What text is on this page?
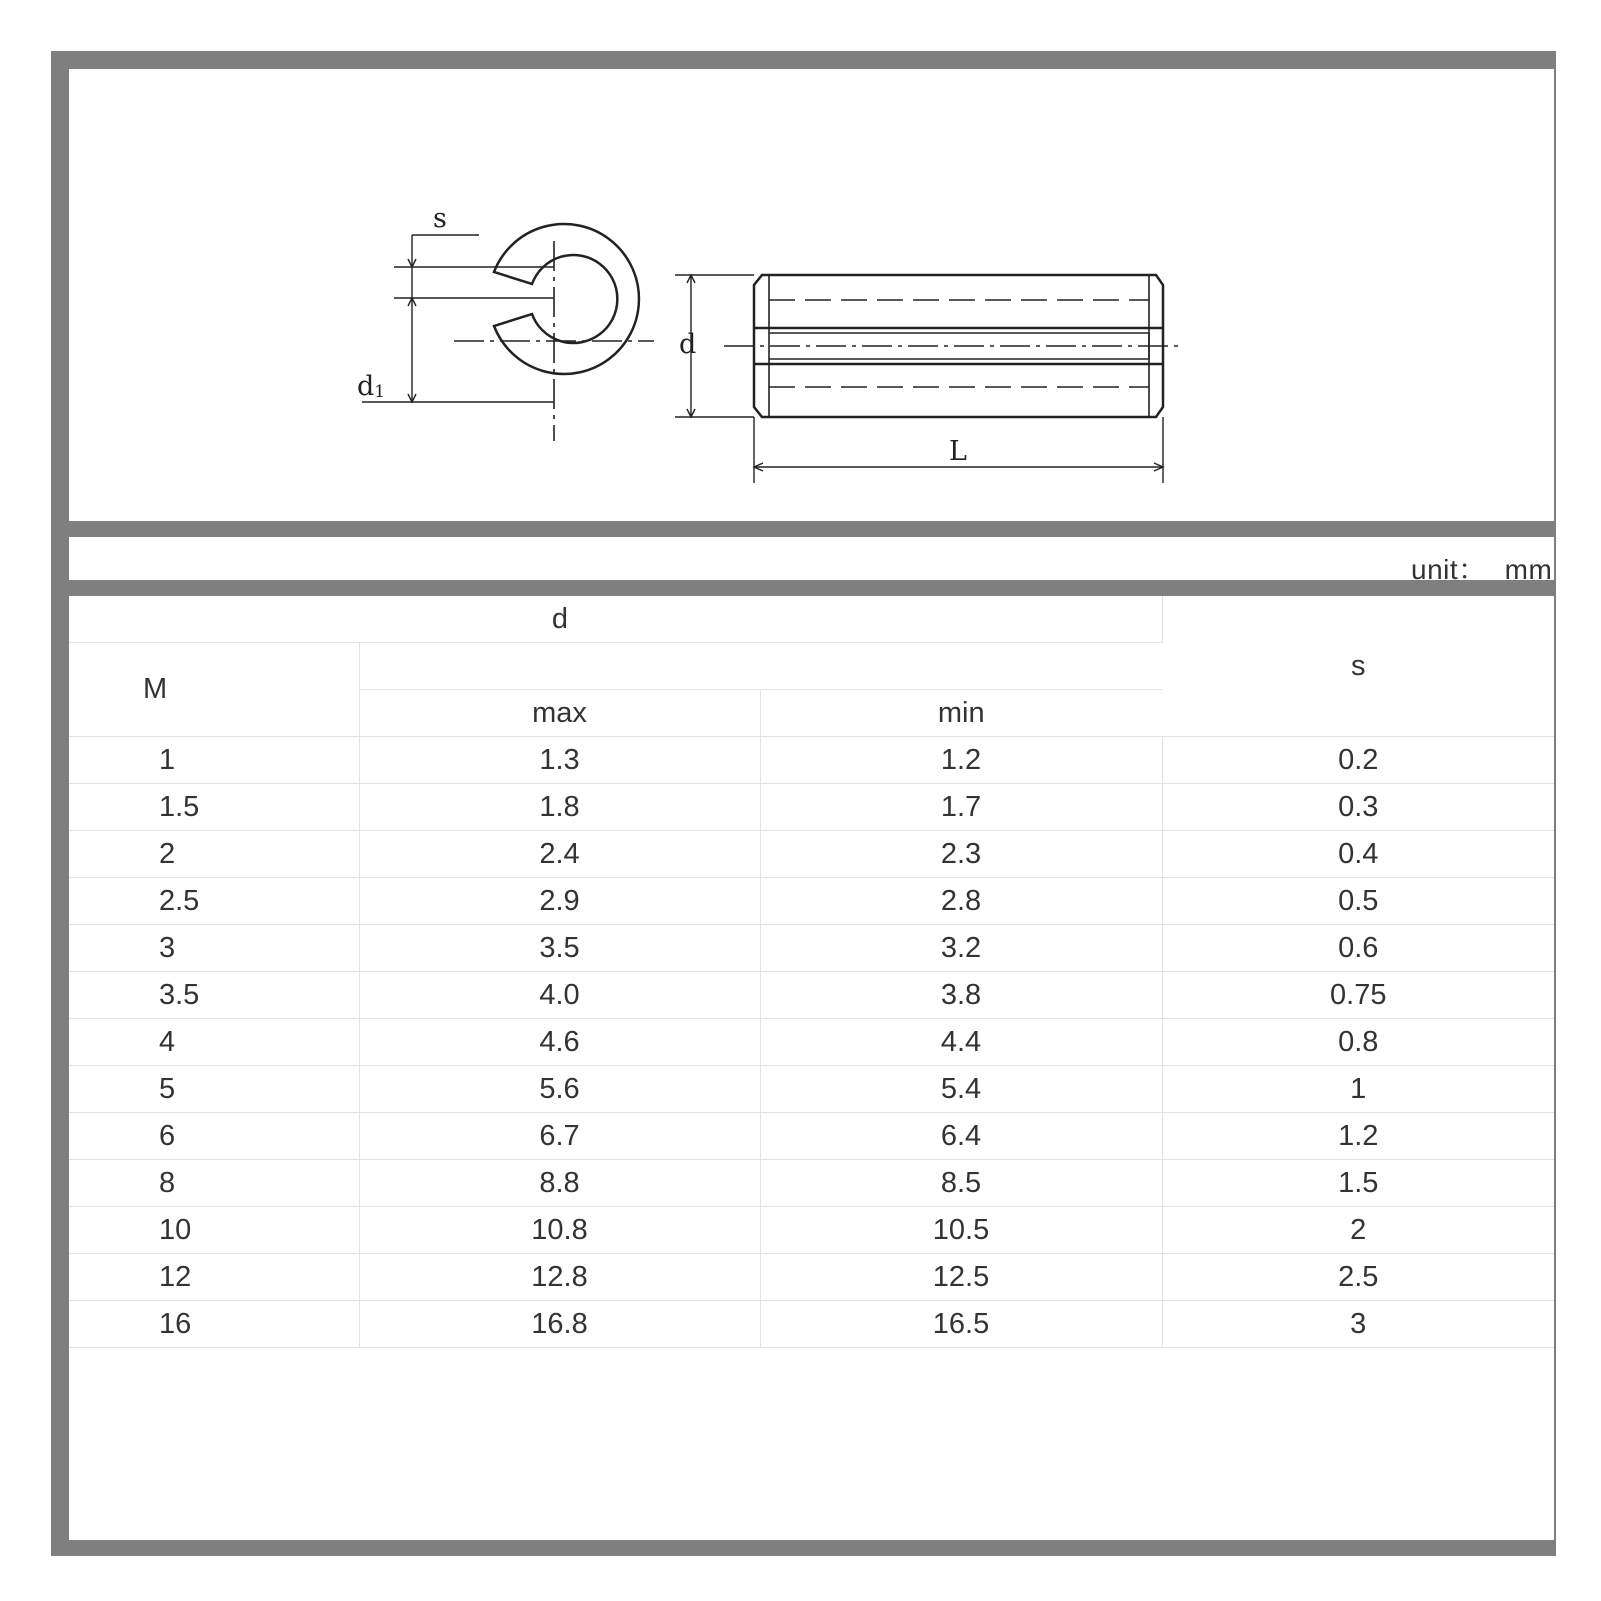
s
d1
d
L
unit： mm
d			s
M			
	max	min	
1	1.3	1.2	0.2
1.5	1.8	1.7	0.3
2	2.4	2.3	0.4
2.5	2.9	2.8	0.5
3	3.5	3.2	0.6
3.5	4.0	3.8	0.75
4	4.6	4.4	0.8
5	5.6	5.4	1
6	6.7	6.4	1.2
8	8.8	8.5	1.5
10	10.8	10.5	2
12	12.8	12.5	2.5
16	16.8	16.5	3
